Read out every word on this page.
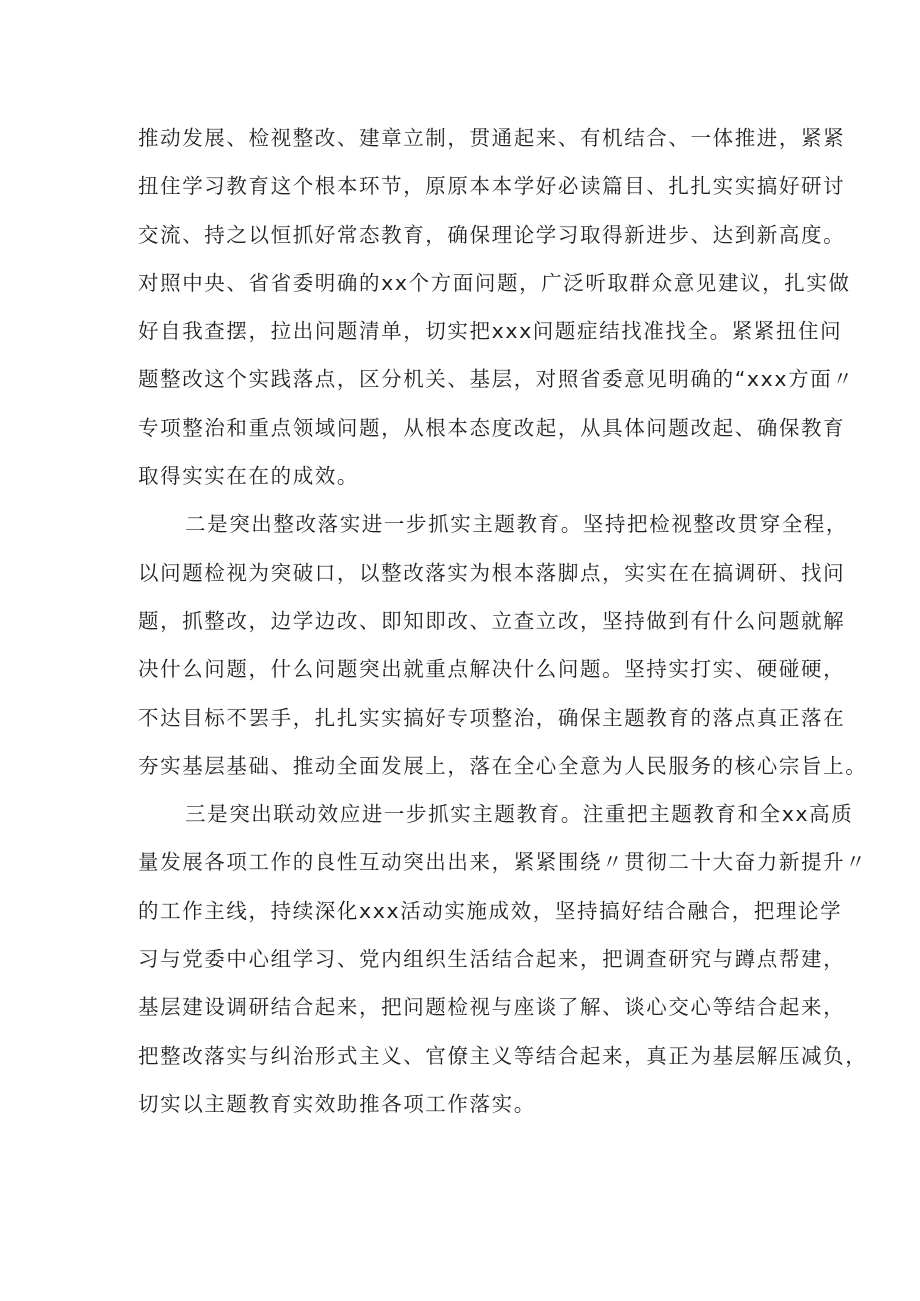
推动发展、检视整改、建章立制，贯通起来、有机结合、一体推进，紧紧
扭住学习教育这个根本环节，原原本本学好必读篇目、扎扎实实搞好研讨
交流、持之以恒抓好常态教育，确保理论学习取得新进步、达到新高度。
对照中央、省省委明确的xx个方面问题，广泛听取群众意见建议，扎实做
好自我查摆，拉出问题清单，切实把xxx问题症结找准找全。紧紧扭住问
题整改这个实践落点，区分机关、基层，对照省委意见明确的“xxx方面〃
专项整治和重点领域问题，从根本态度改起，从具体问题改起、确保教育
取得实实在在的成效。
二是突出整改落实进一步抓实主题教育。坚持把检视整改贯穿全程，
以问题检视为突破口，以整改落实为根本落脚点，实实在在搞调研、找问
题，抓整改，边学边改、即知即改、立查立改，坚持做到有什么问题就解
决什么问题，什么问题突出就重点解决什么问题。坚持实打实、硬碰硬，
不达目标不罢手，扎扎实实搞好专项整治，确保主题教育的落点真正落在
夯实基层基础、推动全面发展上，落在全心全意为人民服务的核心宗旨上。
三是突出联动效应进一步抓实主题教育。注重把主题教育和全xx高质
量发展各项工作的良性互动突出出来，紧紧围绕〃贯彻二十大奋力新提升〃
的工作主线，持续深化xxx活动实施成效，坚持搞好结合融合，把理论学
习与党委中心组学习、党内组织生活结合起来，把调查研究与蹲点帮建，
基层建设调研结合起来，把问题检视与座谈了解、谈心交心等结合起来，
把整改落实与纠治形式主义、官僚主义等结合起来，真正为基层解压减负，
切实以主题教育实效助推各项工作落实。
